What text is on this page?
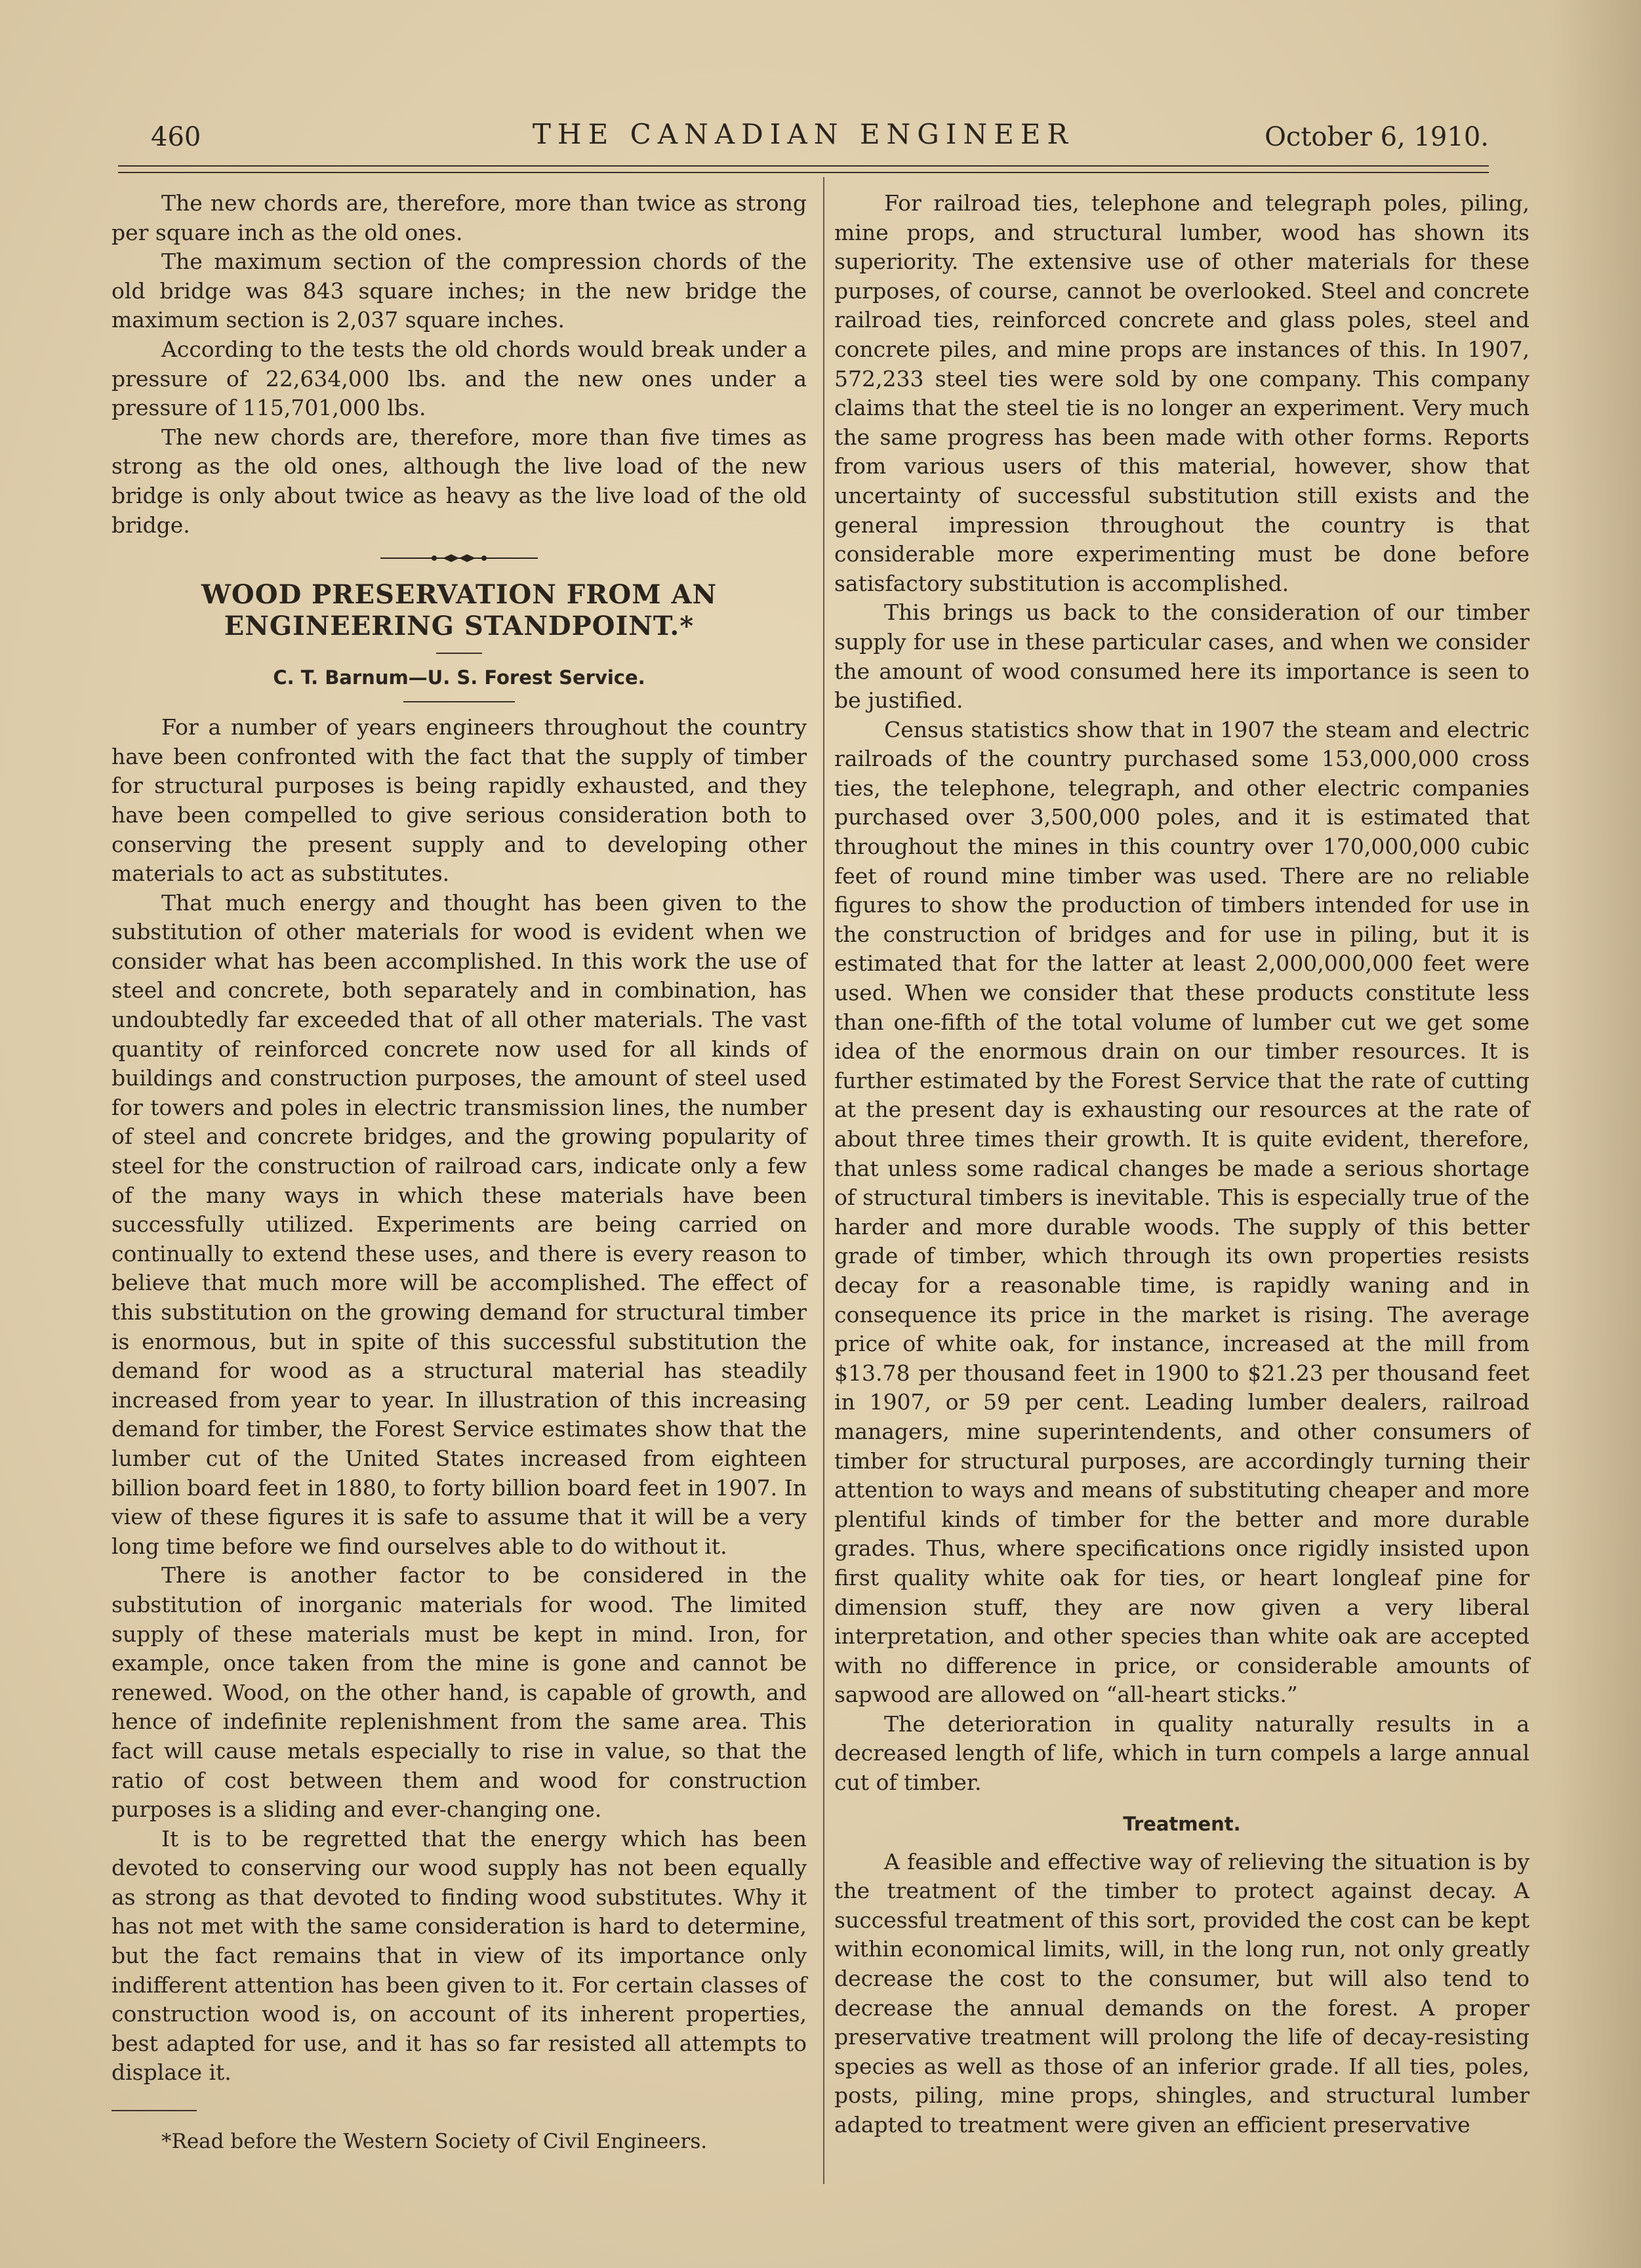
460	THE CANADIAN ENGINEER	October 6, 1910.

The new chords are, therefore, more than twice as strong per square inch as the old ones.

The maximum section of the compression chords of the old bridge was 843 square inches; in the new bridge the maximum section is 2,037 square inches.

According to the tests the old chords would break under a pressure of 22,634,000 lbs. and the new ones under a pressure of 115,701,000 lbs.

The new chords are, therefore, more than five times as strong as the old ones, although the live load of the new bridge is only about twice as heavy as the live load of the old bridge.

WOOD PRESERVATION FROM AN ENGINEERING STANDPOINT.*
C. T. Barnum—U. S. Forest Service.

For a number of years engineers throughout the country have been confronted with the fact that the supply of timber for structural purposes is being rapidly exhausted, and they have been compelled to give serious consideration both to conserving the present supply and to developing other materials to act as substitutes.

That much energy and thought has been given to the substitution of other materials for wood is evident when we consider what has been accomplished. In this work the use of steel and concrete, both separately and in combination, has undoubtedly far exceeded that of all other materials. The vast quantity of reinforced concrete now used for all kinds of buildings and construction purposes, the amount of steel used for towers and poles in electric transmission lines, the number of steel and concrete bridges, and the growing popularity of steel for the construction of railroad cars, indicate only a few of the many ways in which these materials have been successfully utilized. Experiments are being carried on continually to extend these uses, and there is every reason to believe that much more will be accomplished. The effect of this substitution on the growing demand for structural timber is enormous, but in spite of this successful substitution the demand for wood as a structural material has steadily increased from year to year. In illustration of this increasing demand for timber, the Forest Service estimates show that the lumber cut of the United States increased from eighteen billion board feet in 1880, to forty billion board feet in 1907. In view of these figures it is safe to assume that it will be a very long time before we find ourselves able to do without it.

There is another factor to be considered in the substitution of inorganic materials for wood. The limited supply of these materials must be kept in mind. Iron, for example, once taken from the mine is gone and cannot be renewed. Wood, on the other hand, is capable of growth, and hence of indefinite replenishment from the same area. This fact will cause metals especially to rise in value, so that the ratio of cost between them and wood for construction purposes is a sliding and ever-changing one.

It is to be regretted that the energy which has been devoted to conserving our wood supply has not been equally as strong as that devoted to finding wood substitutes. Why it has not met with the same consideration is hard to determine, but the fact remains that in view of its importance only indifferent attention has been given to it. For certain classes of construction wood is, on account of its inherent properties, best adapted for use, and it has so far resisted all attempts to displace it.

*Read before the Western Society of Civil Engineers.

For railroad ties, telephone and telegraph poles, piling, mine props, and structural lumber, wood has shown its superiority. The extensive use of other materials for these purposes, of course, cannot be overlooked. Steel and concrete railroad ties, reinforced concrete and glass poles, steel and concrete piles, and mine props are instances of this. In 1907, 572,233 steel ties were sold by one company. This company claims that the steel tie is no longer an experiment. Very much the same progress has been made with other forms. Reports from various users of this material, however, show that uncertainty of successful substitution still exists and the general impression throughout the country is that considerable more experimenting must be done before satisfactory substitution is accomplished.

This brings us back to the consideration of our timber supply for use in these particular cases, and when we consider the amount of wood consumed here its importance is seen to be justified.

Census statistics show that in 1907 the steam and electric railroads of the country purchased some 153,000,000 cross ties, the telephone, telegraph, and other electric companies purchased over 3,500,000 poles, and it is estimated that throughout the mines in this country over 170,000,000 cubic feet of round mine timber was used. There are no reliable figures to show the production of timbers intended for use in the construction of bridges and for use in piling, but it is estimated that for the latter at least 2,000,000,000 feet were used. When we consider that these products constitute less than one-fifth of the total volume of lumber cut we get some idea of the enormous drain on our timber resources. It is further estimated by the Forest Service that the rate of cutting at the present day is exhausting our resources at the rate of about three times their growth. It is quite evident, therefore, that unless some radical changes be made a serious shortage of structural timbers is inevitable. This is especially true of the harder and more durable woods. The supply of this better grade of timber, which through its own properties resists decay for a reasonable time, is rapidly waning and in consequence its price in the market is rising. The average price of white oak, for instance, increased at the mill from $13.78 per thousand feet in 1900 to $21.23 per thousand feet in 1907, or 59 per cent. Leading lumber dealers, railroad managers, mine superintendents, and other consumers of timber for structural purposes, are accordingly turning their attention to ways and means of substituting cheaper and more plentiful kinds of timber for the better and more durable grades. Thus, where specifications once rigidly insisted upon first quality white oak for ties, or heart longleaf pine for dimension stuff, they are now given a very liberal interpretation, and other species than white oak are accepted with no difference in price, or considerable amounts of sapwood are allowed on “all-heart sticks.”

The deterioration in quality naturally results in a decreased length of life, which in turn compels a large annual cut of timber.

Treatment.

A feasible and effective way of relieving the situation is by the treatment of the timber to protect against decay. A successful treatment of this sort, provided the cost can be kept within economical limits, will, in the long run, not only greatly decrease the cost to the consumer, but will also tend to decrease the annual demands on the forest. A proper preservative treatment will prolong the life of decay-resisting species as well as those of an inferior grade. If all ties, poles, posts, piling, mine props, shingles, and structural lumber adapted to treatment were given an efficient preservative
